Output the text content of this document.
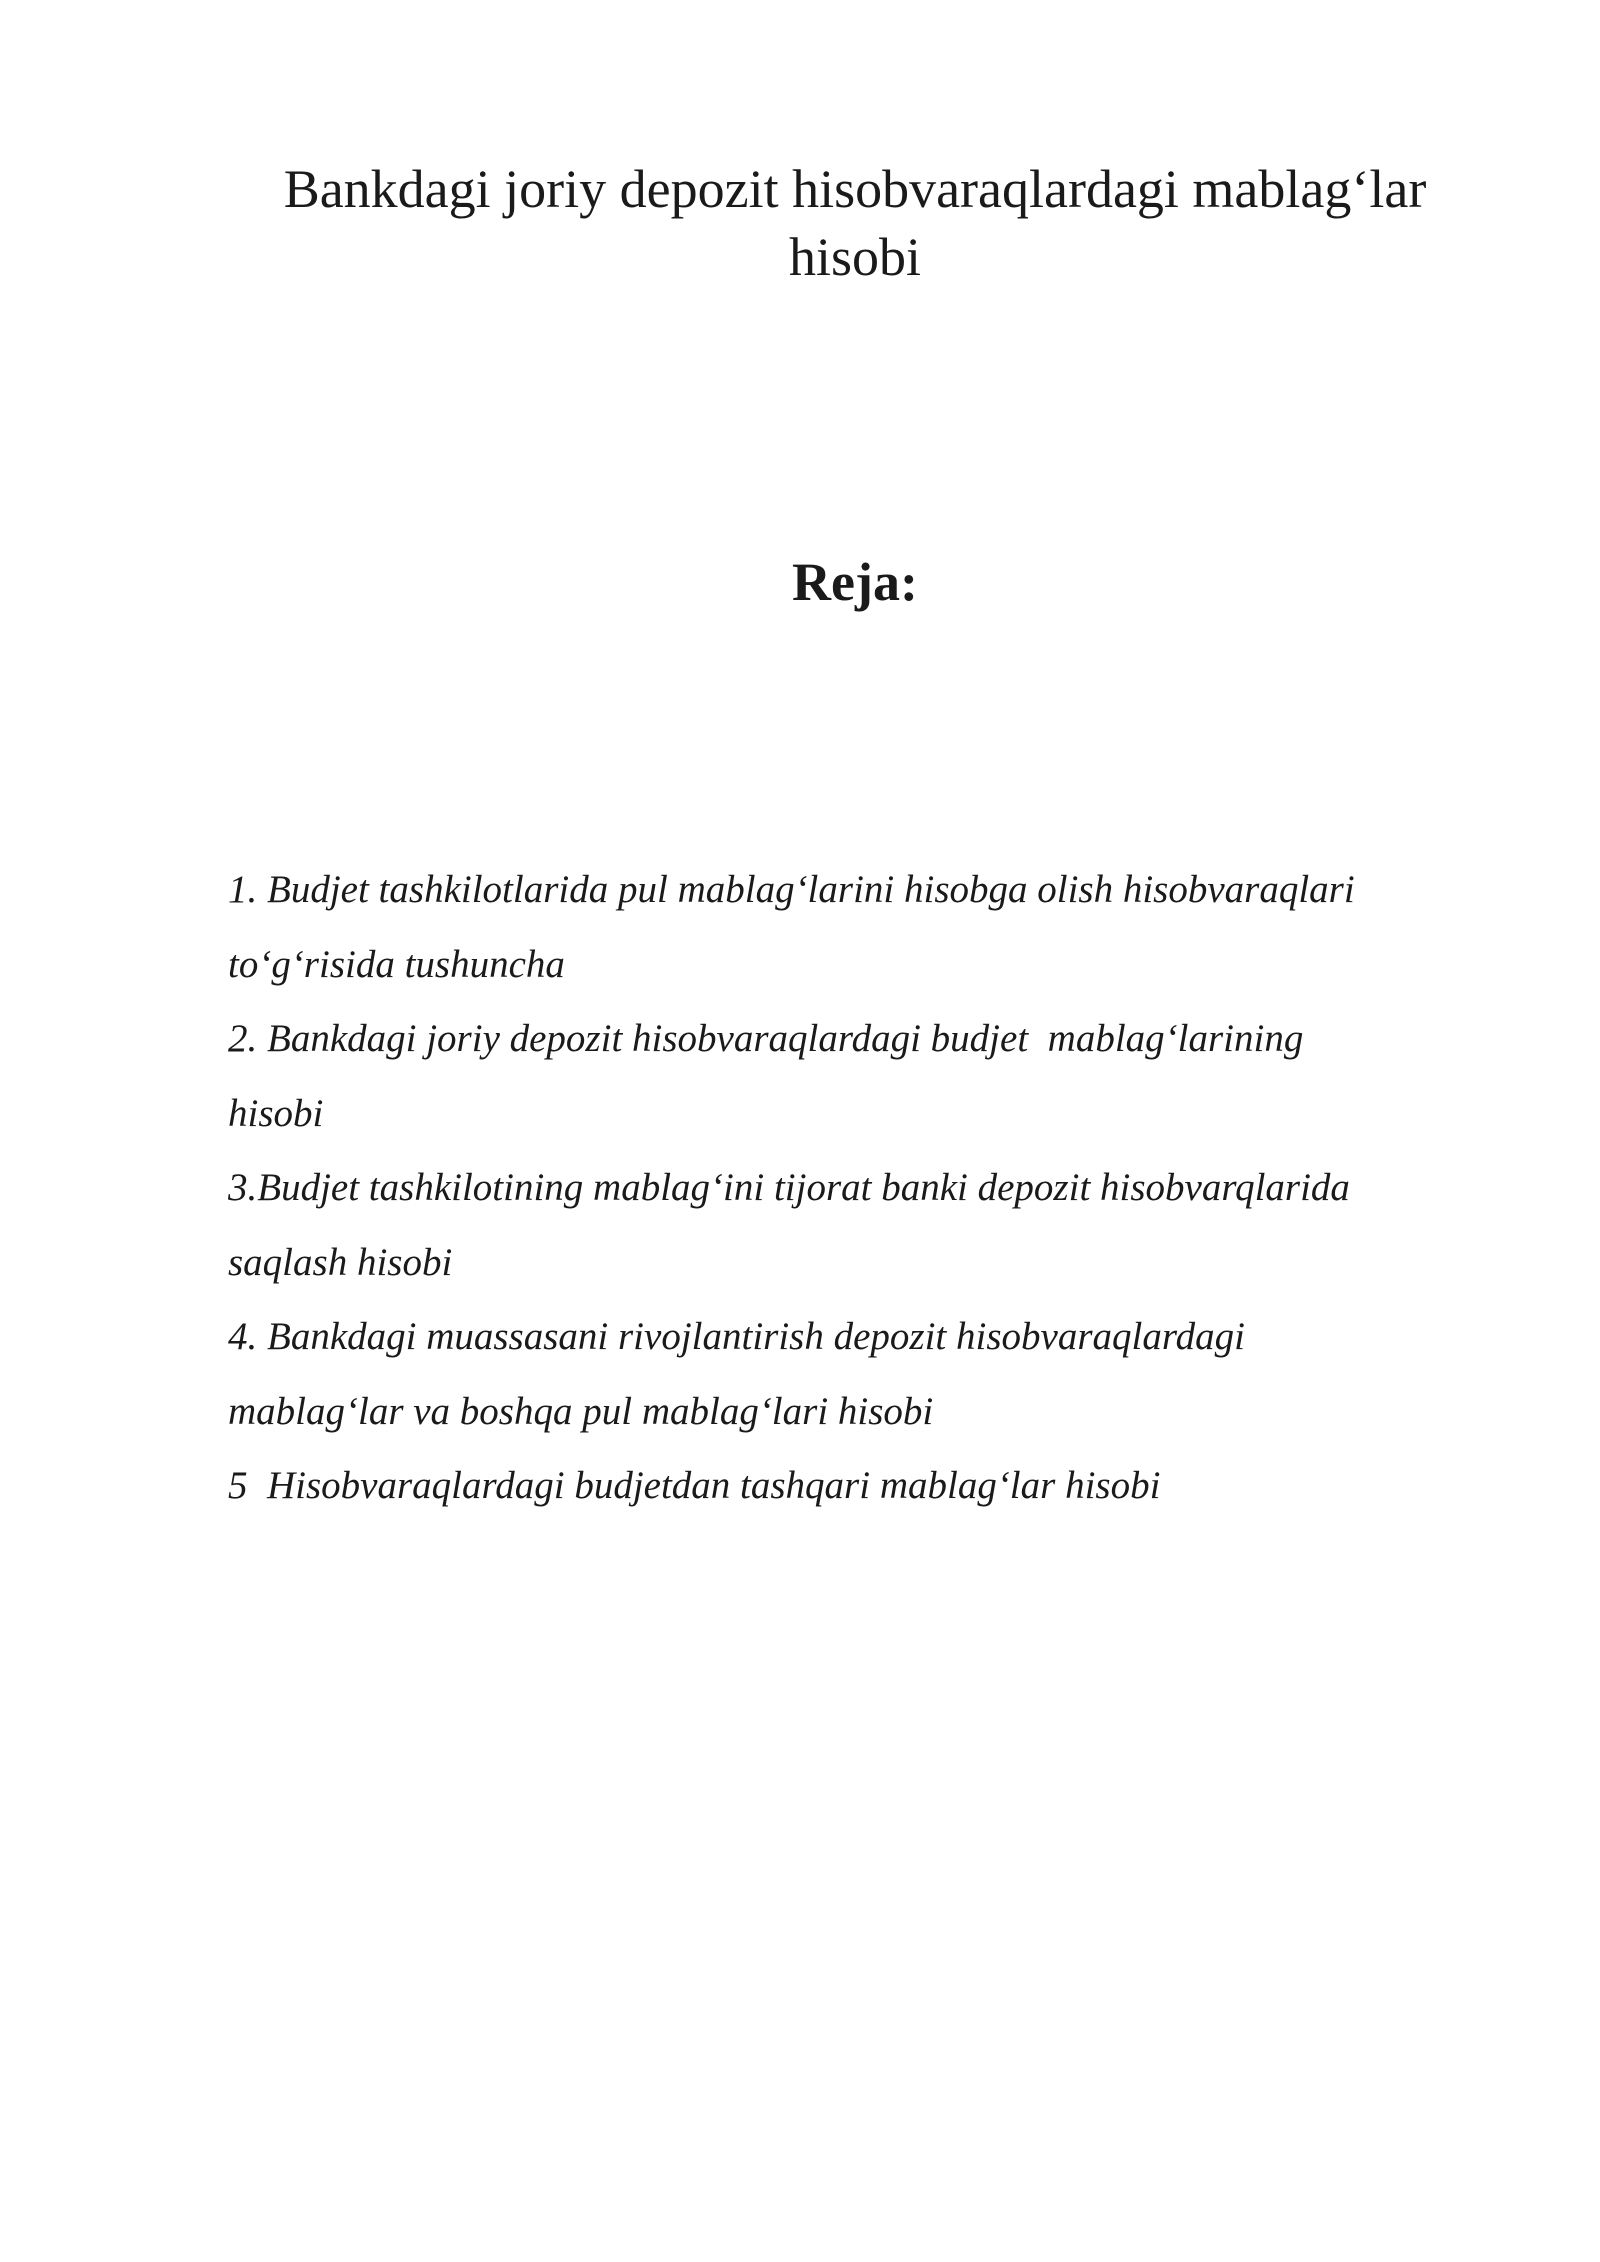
Bankdagi joriy depozit hisobvaraqlardagi mablag‘lar
hisobi
Reja:
1. Budjet tashkilotlarida pul mablag‘larini hisobga olish hisobvaraqlari
to‘g‘risida tushuncha
2. Bankdagi joriy depozit hisobvaraqlardagi budjet  mablag‘larining
hisobi
3.Budjet tashkilotining mablag‘ini tijorat banki depozit hisobvarqlarida
saqlash hisobi
4. Bankdagi muassasani rivojlantirish depozit hisobvaraqlardagi
mablag‘lar va boshqa pul mablag‘lari hisobi
5  Hisobvaraqlardagi budjetdan tashqari mablag‘lar hisobi
